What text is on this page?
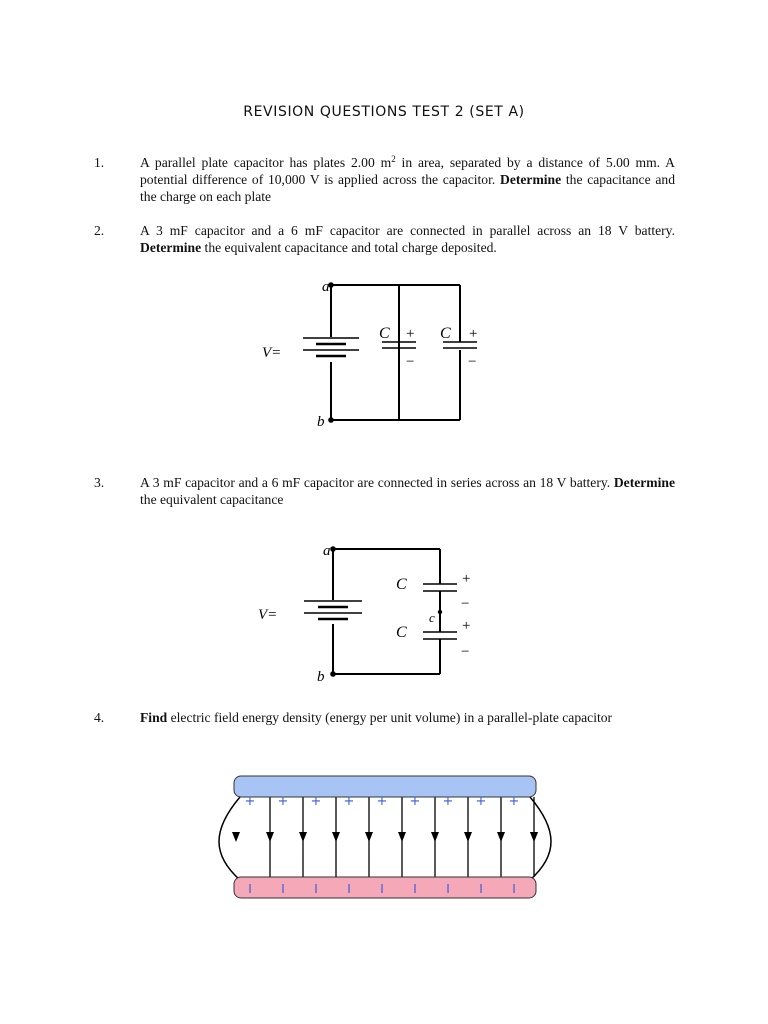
REVISION QUESTIONS TEST 2 (SET A)
1.	A parallel plate capacitor has plates 2.00 $m^2$ in area, separated by a distance of 5.00 mm. A potential difference of 10,000 V is applied across the capacitor. Determine the capacitance and the charge on each plate
2.	A 3 mF capacitor and a 6 mF capacitor are connected in parallel across an 18 V battery. Determine the equivalent capacitance and total charge deposited.
3.	A 3 mF capacitor and a 6 mF capacitor are connected in series across an 18 V battery. Determine the equivalent capacitance
4.	Find electric field energy density (energy per unit volume) in a parallel-plate capacitor
a
b
V=
C +
−
C +
−
a
b
c
V=
C
C
+
−
+
−
+
I
+
I
+
I
+
I
+
I
+
I
+
I
+
I
+
I
